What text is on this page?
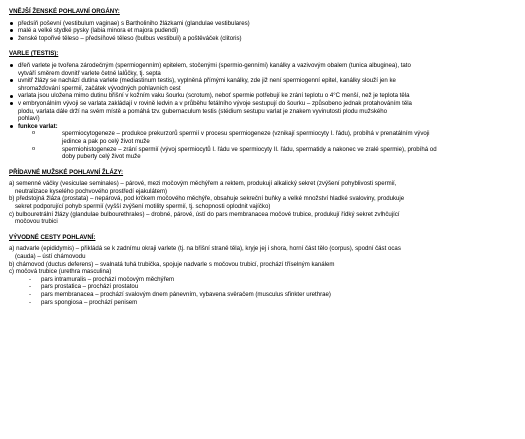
VNĚJŠÍ ŽENSKÉ POHLAVNÍ ORGÁNY:
předsíň poševní (vestibulum vaginae) s Bartholiniho žlázkami (glandulae vestibulares)
malé a velké stydké pysky (labia minora et majora pudendi)
ženské topořivé těleso – předsíňové těleso (bulbus vestibuli) a poštěváček (clitoris)
VARLE (TESTIS):
dřeň varlete je tvořena zárodečným (spermiogenním) epitelem, stočenými (spermio-genními) kanálky a vazivovým obalem (tunica albuginea), tato
vytváří směrem dovnitř varlete četné lalůčky, tj. septa
uvnitř žlázy se nachází dutina varlete (mediastinum testis), vyplněná přímými kanálky, zde již není spermiogenní epitel, kanálky slouží jen ke
shromažďování spermií, začátek vývodných pohlavních cest
varlata jsou uložena mimo dutinu břišní v kožním vaku šourku (scrotum), neboť spermie potřebují ke zrání teplotu o 4°C menší, než je teplota těla
v embryonálním vývoji se varlata zakládají v rovině ledvin a v průběhu fetálního vývoje sestupují do šourku – způsobeno jednak protahováním těla
plodu, varlata dále drží na svém místě a pomáhá tzv. gubernaculum testis (stédium sestupu varlat je znakem vyvinutosti plodu mužského
pohlaví)
funkce varlat:
o spermiocytogeneze – produkce prekurzorů spermií v procesu spermiogeneze (vznikají spermiocyty I. řádu), probíhá v prenatálním vývoji
jedince a pak po celý život muže
o spermiohistogeneze – zrání spermií (vývoj spermiocytů I. řádu ve spermiocyty II. řádu, spermatidy a nakonec ve zralé spermie), probíhá od
doby puberty celý život muže
PŘÍDAVNÉ MUŽSKÉ POHLAVNÍ ŽLÁZY:
a) semenné váčky (vesiculae seminales) – párové, mezi močovým měchýřem a rektem, produkují alkalický sekret (zvýšení pohyblivosti spermií,
neutralizace kyselého pochvového prostředí ejakulátem)
b) předstojná žláza (prostata) – nepárová, pod krčkem močového měchýře, obsahuje sekreční buňky a velké množství hladké svaloviny, produkuje
sekret podporující pohyb spermií (vyšší zvýšení motility spermií, tj. schopnosti oplodnit vajíčko)
c) bulbouretrální žlázy (glandulae bulbourethrales) – drobné, párové, ústí do pars membranacea močové trubice, produkují řídký sekret zvlhčující
močovou trubici
VÝVODNÉ CESTY POHLAVNÍ:
a) nadvarle (epididymis) – přikládá se k zadnímu okraji varlete (tj. na břišní straně těla), kryje jej i shora, horní část tělo (corpus), spodní část ocas
(cauda) – ústí chámovodu
b) chámovod (ductus deferens) – svalnatá tuhá trubička, spojuje nadvarle s močovou trubicí, prochází tříselným kanálem
c) močová trubice (urethra masculina)
- pars intramuralis – prochází močovým měchýřem
- pars prostatica – prochází prostatou
- pars membranacea – prochází svalovým dnem pánevním, vybavena svěračem (musculus sfinkter urethrae)
- pars spongiosa – prochází penisem
